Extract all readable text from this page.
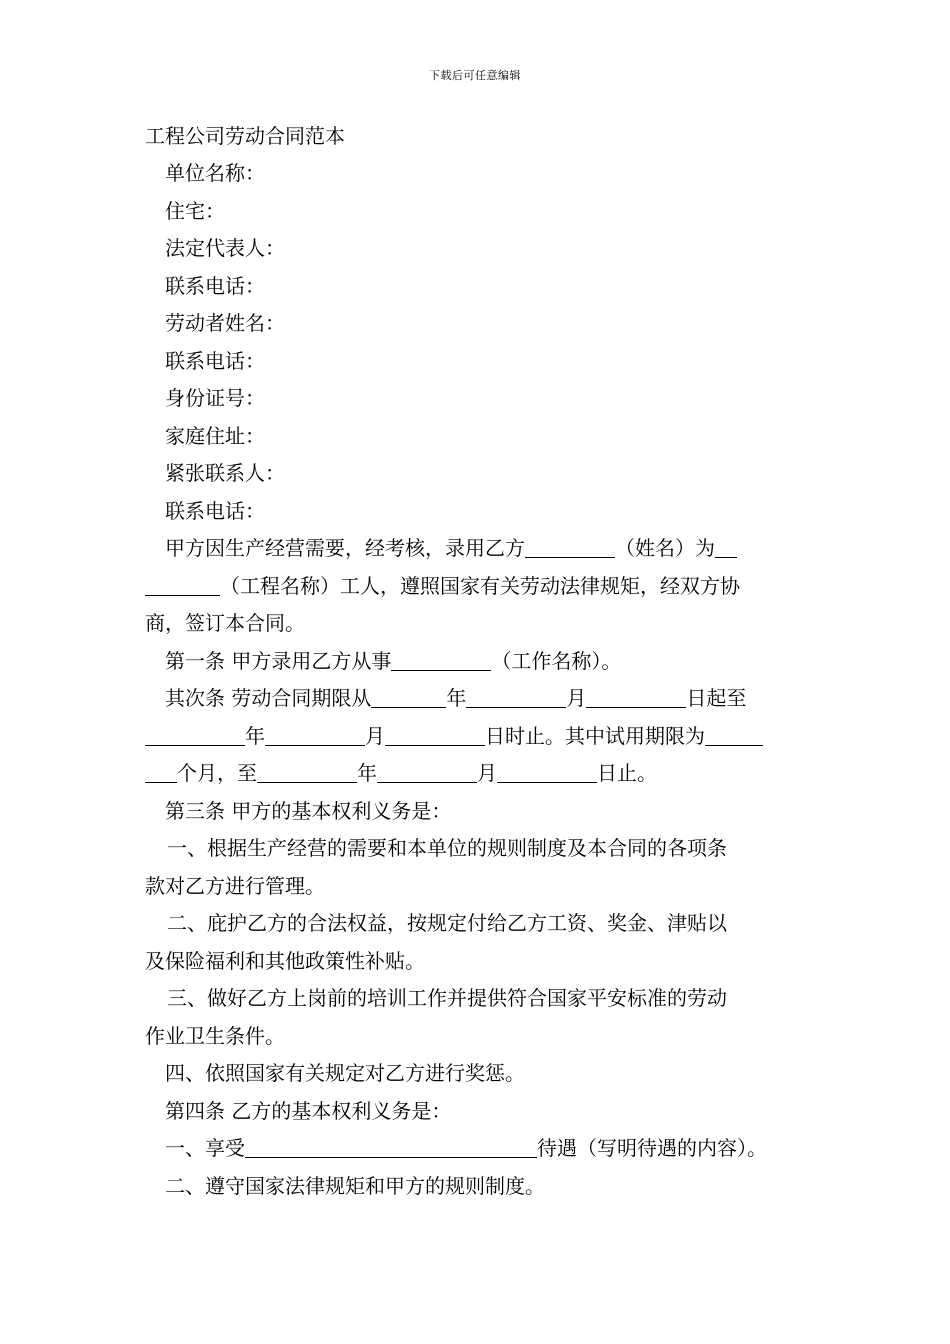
下载后可任意编辑
工程公司劳动合同范本
单位名称：
住宅：
法定代表人：
联系电话：
劳动者姓名：
联系电话：
身份证号：
家庭住址：
紧张联系人：
联系电话：
甲方因生产经营需要，经考核，录用乙方	（姓名）为
（工程名称）工人，遵照国家有关劳动法律规矩，经双方协
商，签订本合同。
第一条 甲方录用乙方从事	（工作名称）。
其次条 劳动合同期限从	年	月	日起至
年	月	日时止。其中试用期限为
个月，至	年	月	日止。
第三条 甲方的基本权利义务是：
一、根据生产经营的需要和本单位的规则制度及本合同的各项条
款对乙方进行管理。
二、庇护乙方的合法权益，按规定付给乙方工资、奖金、津贴以
及保险福利和其他政策性补贴。
三、做好乙方上岗前的培训工作并提供符合国家平安标准的劳动
作业卫生条件。
四、依照国家有关规定对乙方进行奖惩。
第四条 乙方的基本权利义务是：
一、享受	待遇（写明待遇的内容）。
二、遵守国家法律规矩和甲方的规则制度。
